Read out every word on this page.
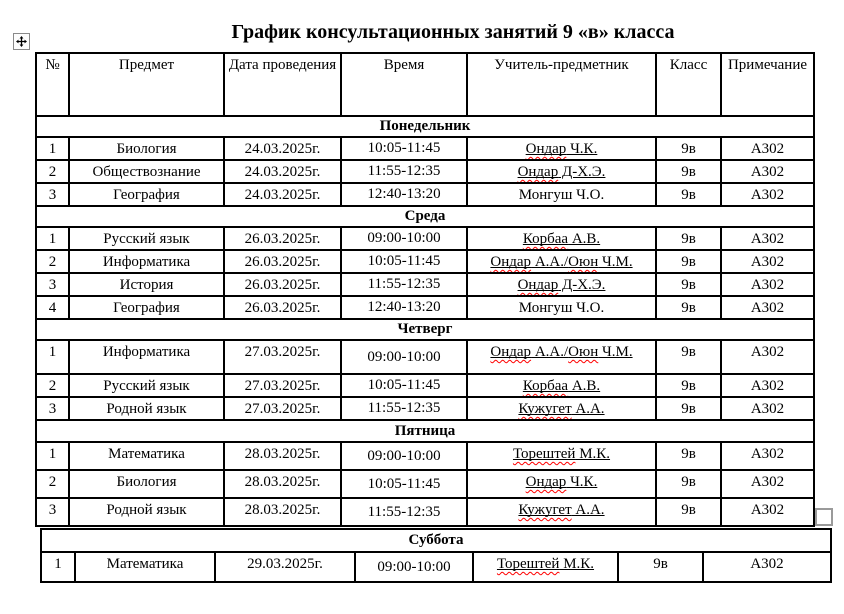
График консультационных занятий 9 «в» класса
№	Предмет	Дата проведения	Время	Учитель-предметник	Класс	Примечание
Понедельник						
1	Биология	24.03.2025г.	10:05-11:45	Ондар Ч.К.	9в	А302
2	Обществознание	24.03.2025г.	11:55-12:35	Ондар Д-Х.Э.	9в	А302
3	География	24.03.2025г.	12:40-13:20	Монгуш Ч.О.	9в	А302
Среда						
1	Русский язык	26.03.2025г.	09:00-10:00	Корбаа А.В.	9в	А302
2	Информатика	26.03.2025г.	10:05-11:45	Ондар А.А./Оюн Ч.М.	9в	А302
3	История	26.03.2025г.	11:55-12:35	Ондар Д-Х.Э.	9в	А302
4	География	26.03.2025г.	12:40-13:20	Монгуш Ч.О.	9в	А302
Четверг						
1	Информатика	27.03.2025г.	09:00-10:00	Ондар А.А./Оюн Ч.М.	9в	А302
2	Русский язык	27.03.2025г.	10:05-11:45	Корбаа А.В.	9в	А302
3	Родной язык	27.03.2025г.	11:55-12:35	Кужугет А.А.	9в	А302
Пятница						
1	Математика	28.03.2025г.	09:00-10:00	Торештей М.К.	9в	А302
2	Биология	28.03.2025г.	10:05-11:45	Ондар Ч.К.	9в	А302
3	Родной язык	28.03.2025г.	11:55-12:35	Кужугет А.А.	9в	А302
Суббота
1	Математика	29.03.2025г.	09:00-10:00	Торештей М.К.	9в	А302
